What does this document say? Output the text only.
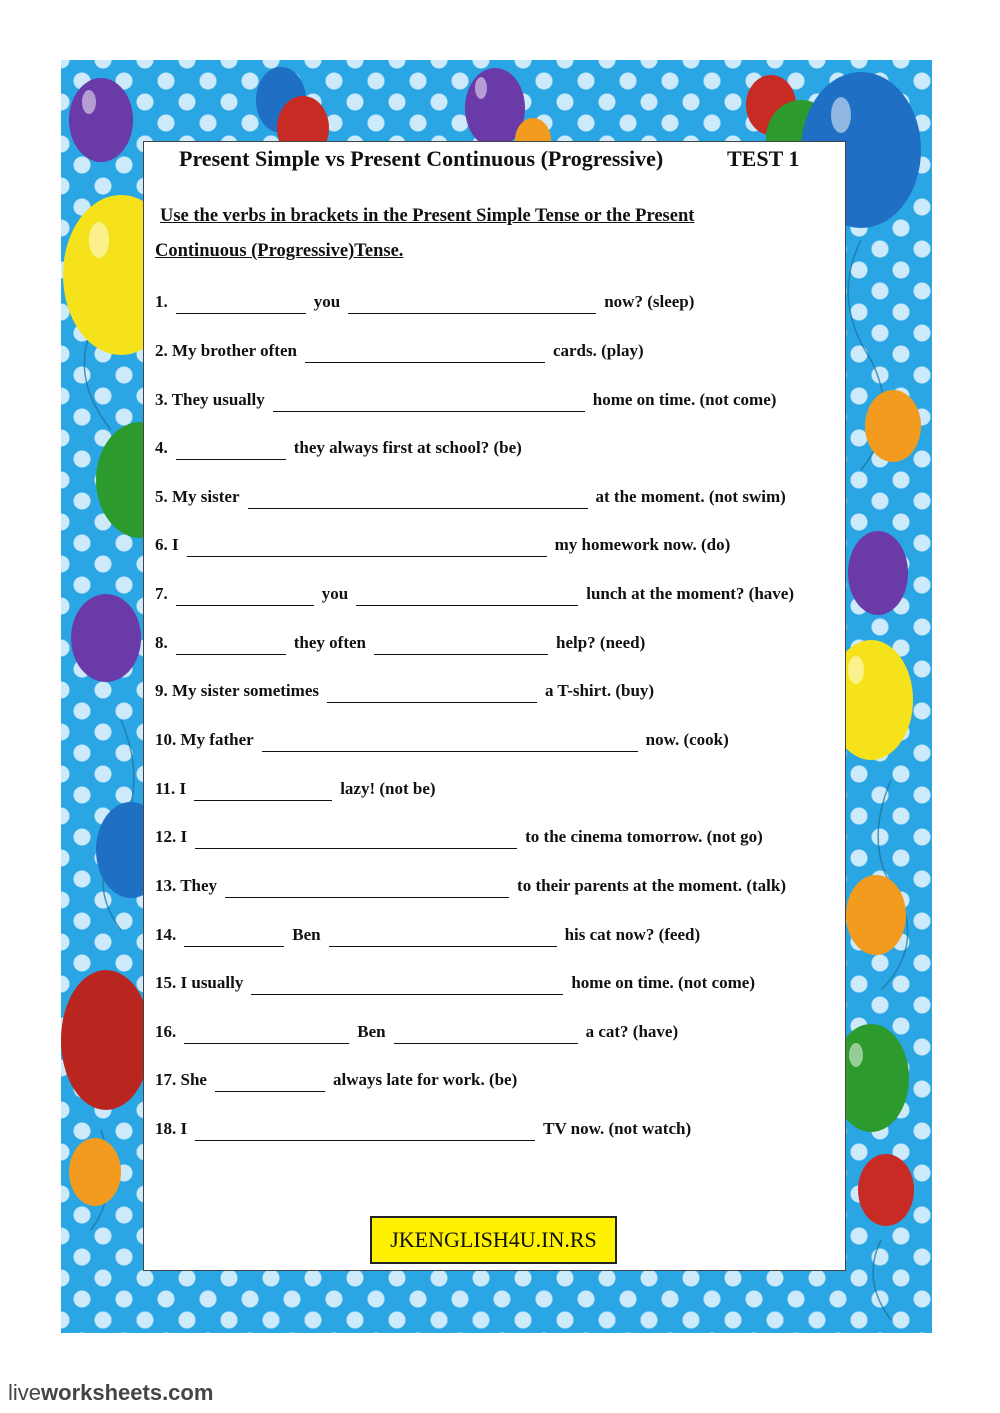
Present Simple vs Present Continuous (Progressive)	TEST 1
Use the verbs in brackets in the Present Simple Tense or the Present
Continuous (Progressive)Tense.
1.	you	now? (sleep)
2. My brother often	cards. (play)
3. They usually	home on time. (not come)
4.	they always first at school? (be)
5. My sister	at the moment. (not swim)
6. I	my homework now. (do)
7.	you	lunch at the moment? (have)
8.	they often	help? (need)
9. My sister sometimes	a T-shirt. (buy)
10. My father	now. (cook)
11. I	lazy! (not be)
12. I	to the cinema tomorrow. (not go)
13. They	to their parents at the moment. (talk)
14.	Ben	his cat now? (feed)
15. I usually	home on time. (not come)
16.	Ben	a cat? (have)
17. She	always late for work. (be)
18. I	TV now. (not watch)
JKENGLISH4U.IN.RS
liveworksheets.com
